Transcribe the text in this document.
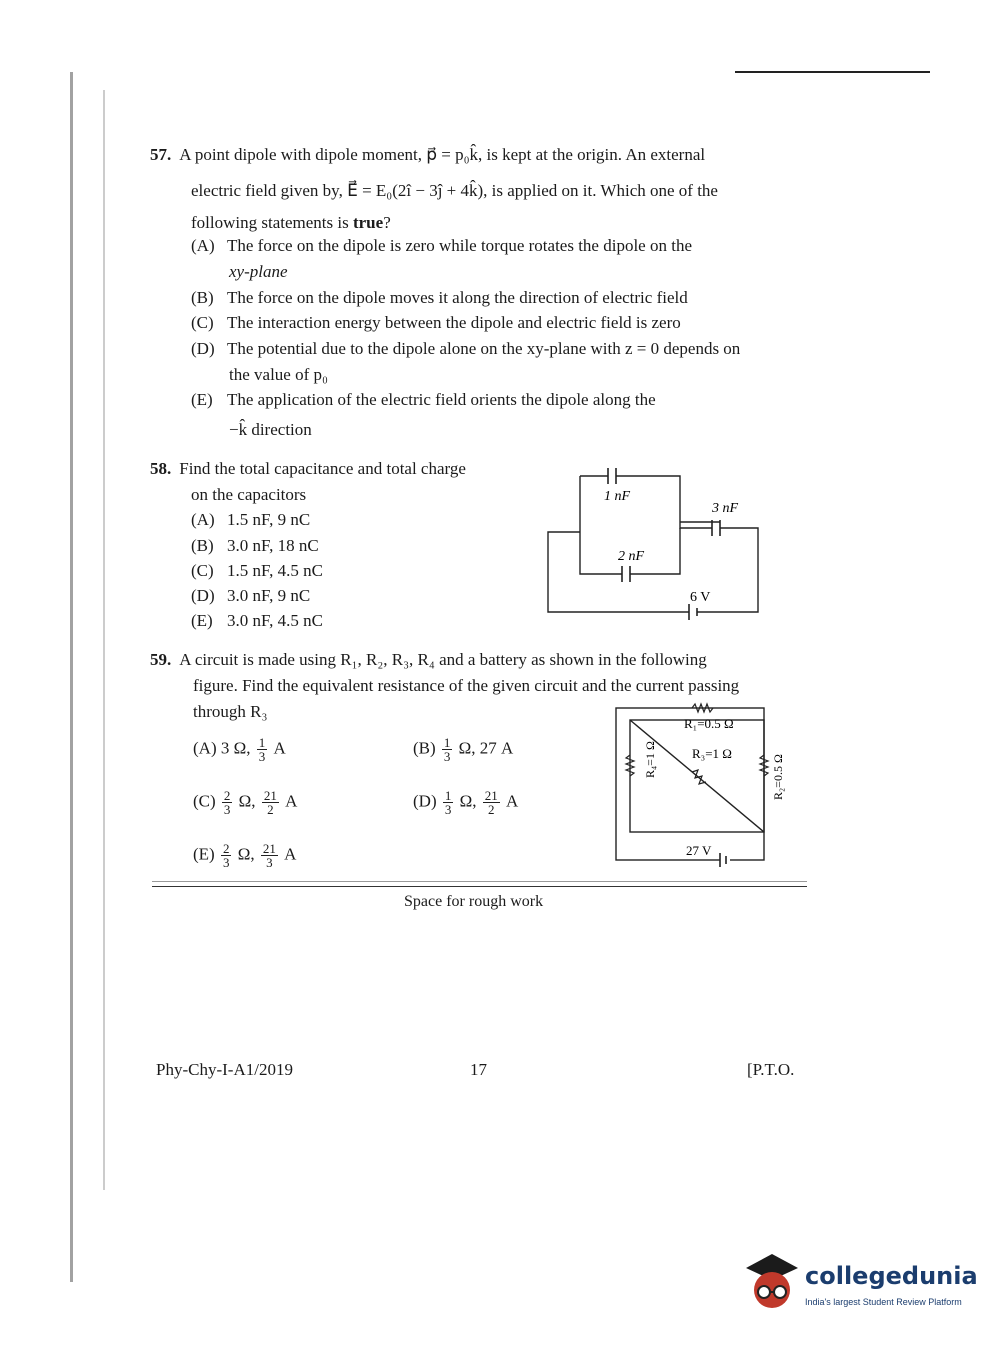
57. A point dipole with dipole moment, p⃗ = p₀k̂, is kept at the origin. An external
electric field given by, E⃗ = E₀(2î − 3ĵ + 4k̂), is applied on it. Which one of the
following statements is true?
(A) The force on the dipole is zero while torque rotates the dipole on the
xy-plane
(B) The force on the dipole moves it along the direction of electric field
(C) The interaction energy between the dipole and electric field is zero
(D) The potential due to the dipole alone on the xy-plane with z = 0 depends on
the value of p₀
(E) The application of the electric field orients the dipole along the
−k̂ direction
58. Find the total capacitance and total charge
on the capacitors
(A) 1.5 nF, 9 nC
(B) 3.0 nF, 18 nC
(C) 1.5 nF, 4.5 nC
(D) 3.0 nF, 9 nC
(E) 3.0 nF, 4.5 nC
1 nF
3 nF
2 nF
6 V
59. A circuit is made using R₁, R₂, R₃, R₄ and a battery as shown in the following
figure. Find the equivalent resistance of the given circuit and the current passing
through R₃
(A) 3 Ω, $\frac{1}{3}$ A	$(B) \frac{1}{3} \Omega$, 27 A
$(C) \frac{2}{3} \Omega$, $\frac{21}{2}$ A	$(D) \frac{1}{3} \Omega$, $\frac{21}{2}$ A
$(E) \frac{2}{3} \Omega$, $\frac{21}{3}$ A
R₁=0.5 Ω
R₃=1 Ω
R₄=1 Ω	R₂=0.5 Ω
27 V
Space for rough work
Phy-Chy-I-A1/2019	17	[P.T.O.
collegedunia
India's largest Student Review Platform
